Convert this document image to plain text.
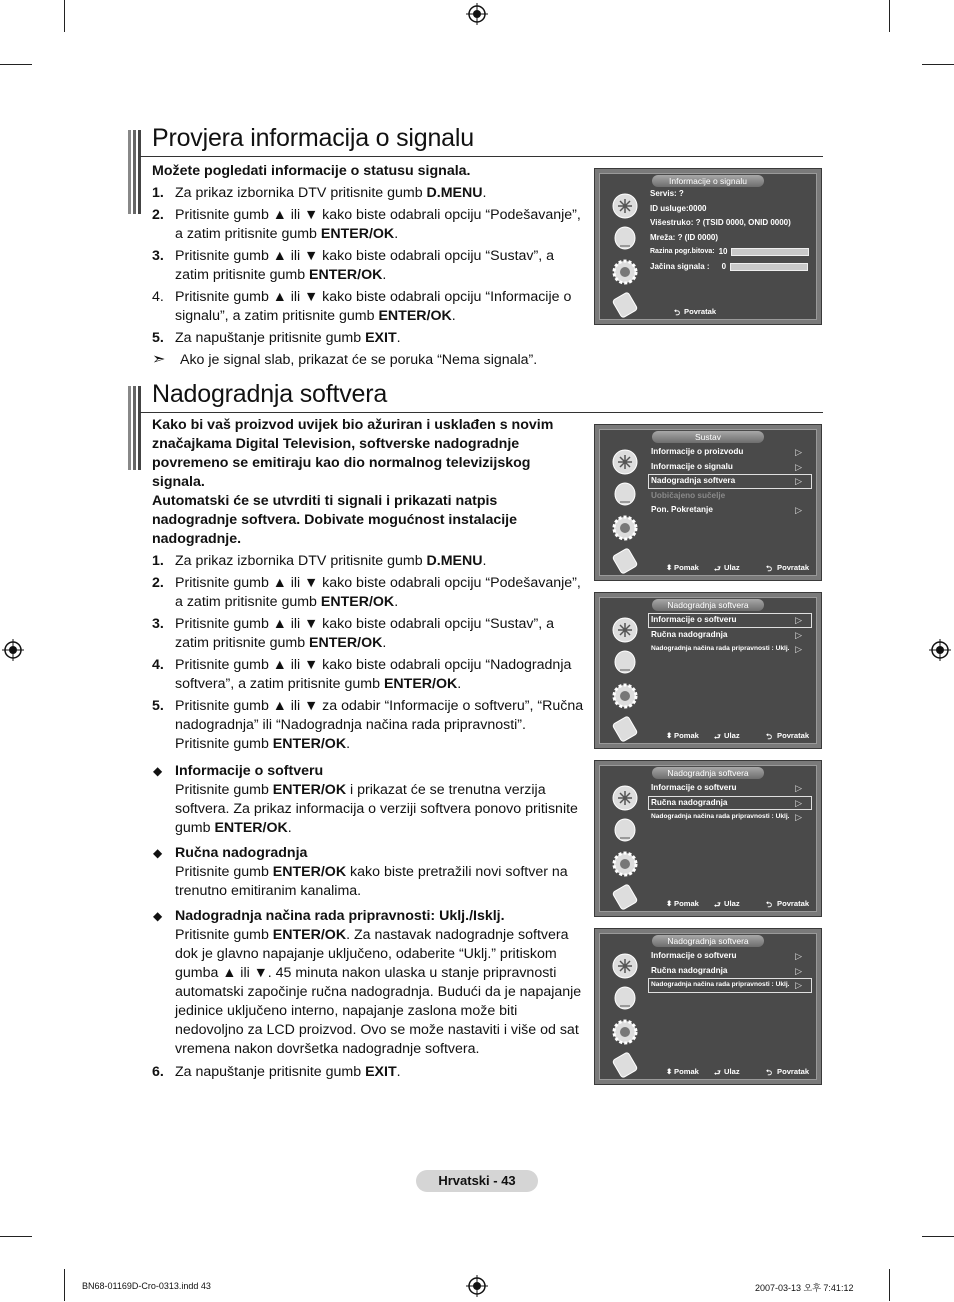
Provjera informacija o signalu

Možete pogledati informacije o statusu signala.

1. Za prikaz izbornika DTV pritisnite gumb D.MENU.
2. Pritisnite gumb ▲ ili ▼ kako biste odabrali opciju “Podešavanje”, a zatim pritisnite gumb ENTER/OK.
3. Pritisnite gumb ▲ ili ▼ kako biste odabrali opciju “Sustav”, a zatim pritisnite gumb ENTER/OK.
4. Pritisnite gumb ▲ ili ▼ kako biste odabrali opciju “Informacije o signalu”, a zatim pritisnite gumb ENTER/OK.
5. Za napuštanje pritisnite gumb EXIT.
➣ Ako je signal slab, prikazat će se poruka “Nema signala”.
Nadogradnja softvera

Kako bi vaš proizvod uvijek bio ažuriran i usklađen s novim značajkama Digital Television, softverske nadogradnje povremeno se emitiraju kao dio normalnog televizijskog signala.

Automatski će se utvrditi ti signali i prikazati natpis nadogradnje softvera. Dobivate mogućnost instalacije nadogradnje.

1. Za prikaz izbornika DTV pritisnite gumb D.MENU.
2. Pritisnite gumb ▲ ili ▼ kako biste odabrali opciju “Podešavanje”, a zatim pritisnite gumb ENTER/OK.
3. Pritisnite gumb ▲ ili ▼ kako biste odabrali opciju “Sustav”, a zatim pritisnite gumb ENTER/OK.
4. Pritisnite gumb ▲ ili ▼ kako biste odabrali opciju “Nadogradnja softvera”, a zatim pritisnite gumb ENTER/OK.
5. Pritisnite gumb ▲ ili ▼ za odabir “Informacije o softveru”, “Ručna nadogradnja” ili “Nadogradnja načina rada pripravnosti”. Pritisnite gumb ENTER/OK.
◆ Informacije o softveru
Pritisnite gumb ENTER/OK i prikazat će se trenutna verzija softvera. Za prikaz informacija o verziji softvera ponovo pritisnite gumb ENTER/OK.
◆ Ručna nadogradnja
Pritisnite gumb ENTER/OK kako biste pretražili novi softver na trenutno emitiranim kanalima.
◆ Nadogradnja načina rada pripravnosti: Uklj./Isklj.
Pritisnite gumb ENTER/OK. Za nastavak nadogradnje softvera dok je glavno napajanje uključeno, odaberite “Uklj.” pritiskom gumba ▲ ili ▼. 45 minuta nakon ulaska u stanje pripravnosti automatski započinje ručna nadogradnja. Budući da je napajanje jedinice uključeno interno, napajanje zaslona može biti nedovoljno za LCD proizvod. Ovo se može nastaviti i više od sat vremena nakon dovršetka nadogradnje softvera.
6. Za napuštanje pritisnite gumb EXIT.
Informacije o signalu
Servis: ?
ID usluge:0000
Višestruko: ? (TSID 0000, ONID 0000)
Mreža: ? (ID 0000)
Razina pogr.bitova: 10
Jačina signala : 0
⮌ Povratak
Sustav
Informacije o proizvodu	▷
Informacije o signalu	▷
Nadogradnja softvera	▷
Uobičajeno sučelje
Pon. Pokretanje	▷
⬍ Pomak ⮐ Ulaz	⮌ Povratak
Nadogradnja softvera
Informacije o softveru	▷
Ručna nadogradnja	▷
Nadogradnja načina rada pripravnosti : Uklj. ▷
⬍ Pomak ⮐ Ulaz	⮌ Povratak
Nadogradnja softvera
Informacije o softveru	▷
Ručna nadogradnja	▷
Nadogradnja načina rada pripravnosti : Uklj. ▷
⬍ Pomak ⮐ Ulaz	⮌ Povratak
Nadogradnja softvera
Informacije o softveru	▷
Ručna nadogradnja	▷
Nadogradnja načina rada pripravnosti : Uklj. ▷
⬍ Pomak ⮐ Ulaz	⮌ Povratak
Hrvatski - 43
BN68-01169D-Cro-0313.indd 43	2007-03-13 오후 7:41:12
